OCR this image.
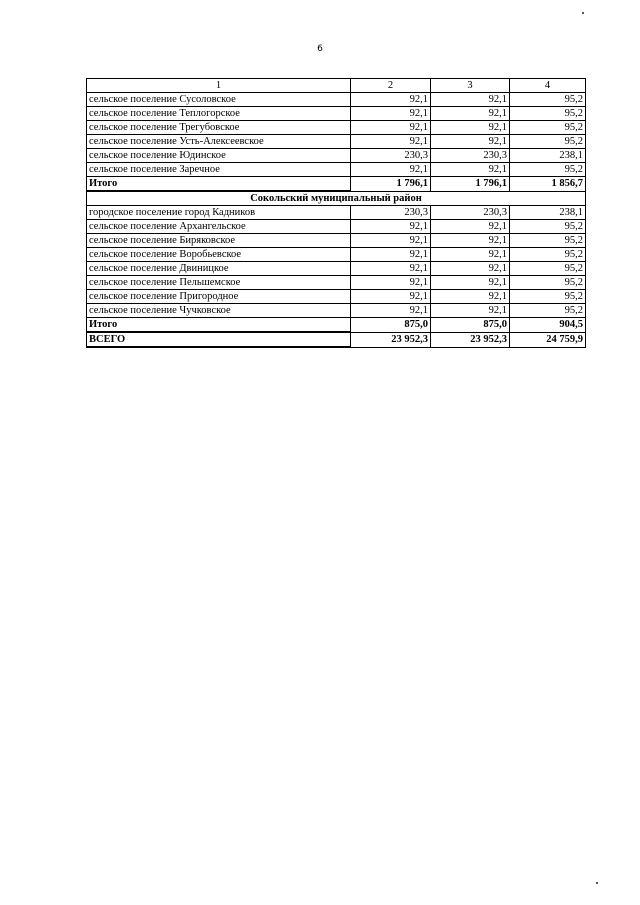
6
1	2	3	4
сельское поселение Сусоловское	92,1	92,1	95,2
сельское поселение Теплогорское	92,1	92,1	95,2
сельское поселение Трегубовское	92,1	92,1	95,2
сельское поселение Усть-Алексеевское	92,1	92,1	95,2
сельское поселение Юдинское	230,3	230,3	238,1
сельское поселение Заречное	92,1	92,1	95,2
Итого	1 796,1	1 796,1	1 856,7
Сокольский муниципальный район			
городское поселение город Кадников	230,3	230,3	238,1
сельское поселение Архангельское	92,1	92,1	95,2
сельское поселение Биряковское	92,1	92,1	95,2
сельское поселение Воробьевское	92,1	92,1	95,2
сельское поселение Двиницкое	92,1	92,1	95,2
сельское поселение Пельшемское	92,1	92,1	95,2
сельское поселение Пригородное	92,1	92,1	95,2
сельское поселение Чучковское	92,1	92,1	95,2
Итого	875,0	875,0	904,5
ВСЕГО	23 952,3	23 952,3	24 759,9
